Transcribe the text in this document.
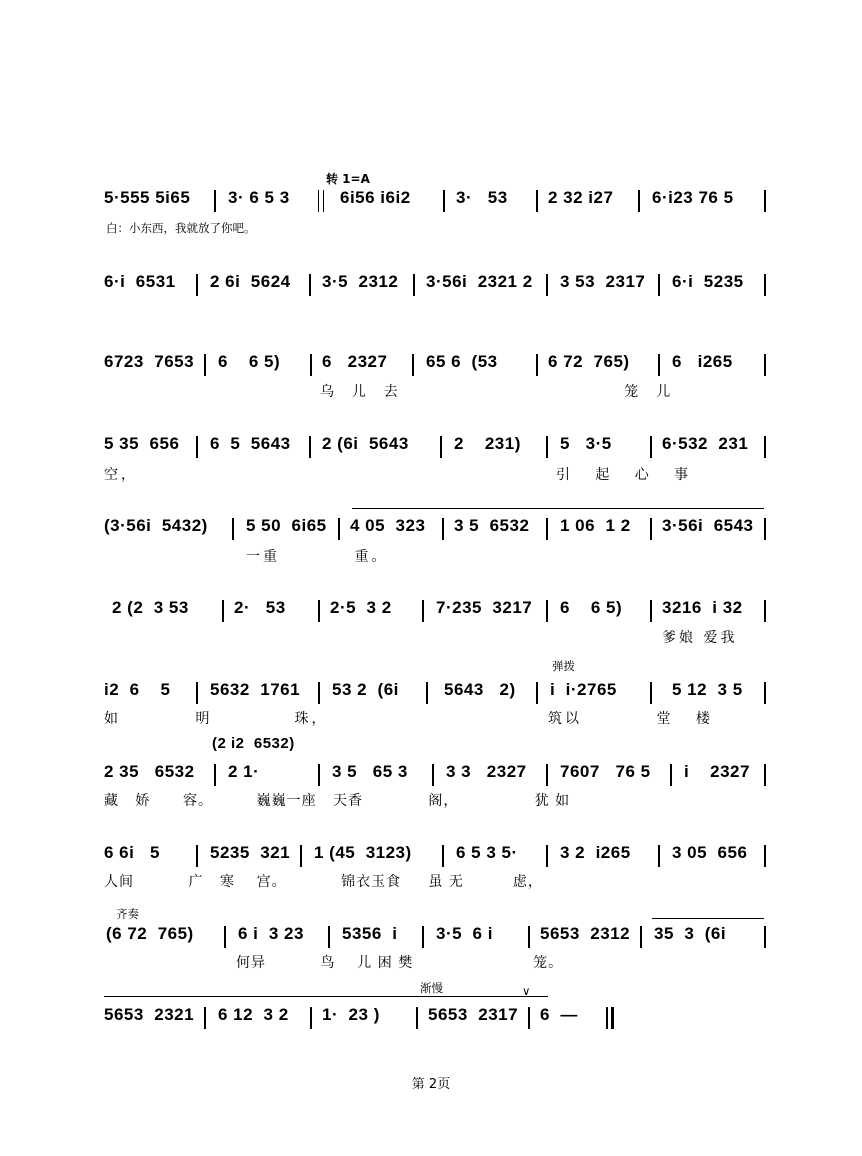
转 1=A
5·555 5i65 3· 6 5 3	6i56 i6i2	3·   53 2 32 i27 6·i23 76 5
白：小东西，我就放了你吧。
6·i  6531 2 6i  5624 3·5  2312 3·56i  2321 2 3 53  2317 6·i  5235
6723  7653 6    6 5) 6   2327 65 6  (53	6 72  765) 6   i265
乌  儿  去                              笼  儿
5 35  656 6  5  5643 2 (6i  5643	2    231) 5   3·5	6·532  231
空，	引   起   心   事
(3·56i  5432) 5 50  6i65 4 05  323 3 5  6532 1 06  1 2 3·56i  6543
一重          重。
2 (2  3 53	2·   53	2·5  3 2	7·235  3217 6    6 5) 3216  i 32
爹娘 爱我
弹拨
i2  6    5 5632  1761 53 2  (6i	5643   2) i  i·2765	5 12  3 5
如          明           珠，	筑以          堂   楼
(2 i2  6532)
2 35   6532 2 1·	3 5   65 3 3 3   2327 7607   76 5 i    2327
藏   娇      容。        巍巍一座   天香            阁，              犹 如
6 6i   5	5235  321 1 (45  3123)	6 5 3 5· 3 2  i265 3 05  656
人间          广   寒    宫。          锦衣玉食     虽 无         虑，
齐奏
(6 72  765)	6 i  3 23 5356  i 3·5  6 i	5653  2312 35  3  (6i
何异          鸟    儿 困 樊                      笼。
渐慢	∨
5653  2321 6 12  3 2 1·  23 )	5653  2317 6  —
第 2页
